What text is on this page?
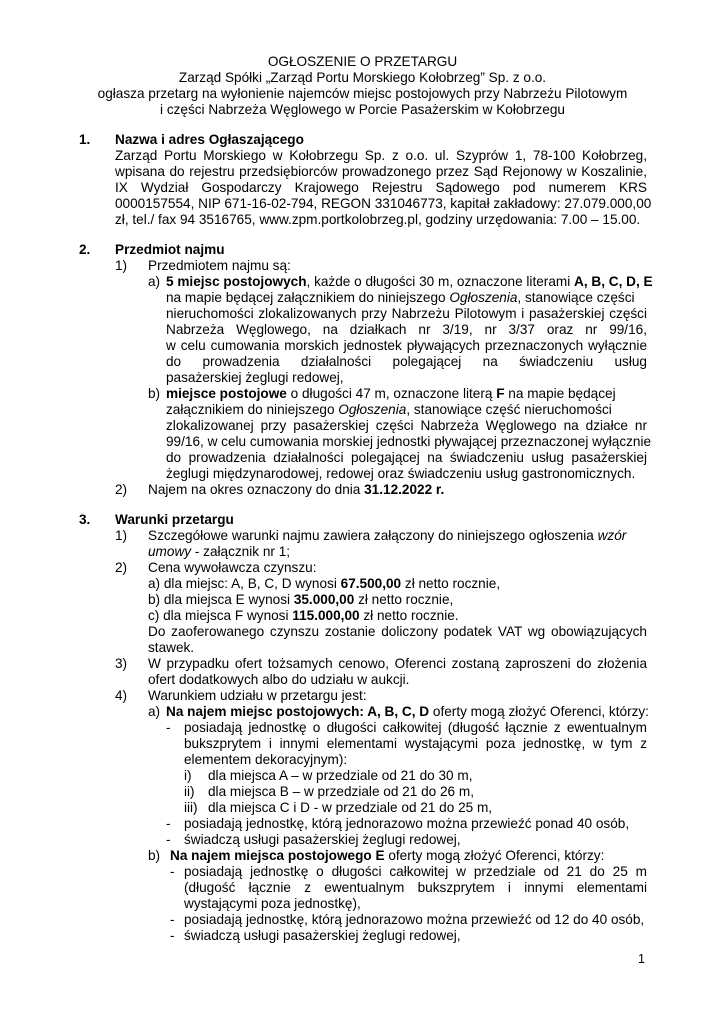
OGŁOSZENIE O PRZETARGU
Zarząd Spółki „Zarząd Portu Morskiego Kołobrzeg” Sp. z o.o.
ogłasza przetarg na wyłonienie najemców miejsc postojowych przy Nabrzeżu Pilotowym
i części Nabrzeża Węglowego w Porcie Pasażerskim w Kołobrzegu
1. Nazwa i adres Ogłaszającego
Zarząd Portu Morskiego w Kołobrzegu Sp. z o.o. ul. Szyprów 1, 78-100 Kołobrzeg,
wpisana do rejestru przedsiębiorców prowadzonego przez Sąd Rejonowy w Koszalinie,
IX Wydział Gospodarczy Krajowego Rejestru Sądowego pod numerem KRS
0000157554, NIP 671-16-02-794, REGON 331046773, kapitał zakładowy: 27.079.000,00
zł, tel./ fax 94 3516765, www.zpm.portkolobrzeg.pl, godziny urzędowania: 7.00 – 15.00.
2. Przedmiot najmu
1) Przedmiotem najmu są:
a) 5 miejsc postojowych, każde o długości 30 m, oznaczone literami A, B, C, D, E
na mapie będącej załącznikiem do niniejszego Ogłoszenia, stanowiące części
nieruchomości zlokalizowanych przy Nabrzeżu Pilotowym i pasażerskiej części
Nabrzeża Węglowego, na działkach nr 3/19, nr 3/37 oraz nr 99/16,
w celu cumowania morskich jednostek pływających przeznaczonych wyłącznie
do prowadzenia działalności polegającej na świadczeniu usług
pasażerskiej żeglugi redowej,
b) miejsce postojowe o długości 47 m, oznaczone literą F na mapie będącej
załącznikiem do niniejszego Ogłoszenia, stanowiące część nieruchomości
zlokalizowanej przy pasażerskiej części Nabrzeża Węglowego na działce nr
99/16, w celu cumowania morskiej jednostki pływającej przeznaczonej wyłącznie
do prowadzenia działalności polegającej na świadczeniu usług pasażerskiej
żeglugi międzynarodowej, redowej oraz świadczeniu usług gastronomicznych.
2) Najem na okres oznaczony do dnia 31.12.2022 r.
3. Warunki przetargu
1) Szczegółowe warunki najmu zawiera załączony do niniejszego ogłoszenia wzór
umowy - załącznik nr 1;
2) Cena wywoławcza czynszu:
a) dla miejsc: A, B, C, D wynosi 67.500,00 zł netto rocznie,
b) dla miejsca E wynosi 35.000,00 zł netto rocznie,
c) dla miejsca F wynosi 115.000,00 zł netto rocznie.
Do zaoferowanego czynszu zostanie doliczony podatek VAT wg obowiązujących
stawek.
3) W przypadku ofert tożsamych cenowo, Oferenci zostaną zaproszeni do złożenia
ofert dodatkowych albo do udziału w aukcji.
4) Warunkiem udziału w przetargu jest:
a) Na najem miejsc postojowych: A, B, C, D oferty mogą złożyć Oferenci, którzy:
- posiadają jednostkę o długości całkowitej (długość łącznie z ewentualnym
bukszprytem i innymi elementami wystającymi poza jednostkę, w tym z
elementem dekoracyjnym):
i) dla miejsca A – w przedziale od 21 do 30 m,
ii) dla miejsca B – w przedziale od 21 do 26 m,
iii) dla miejsca C i D - w przedziale od 21 do 25 m,
- posiadają jednostkę, którą jednorazowo można przewieźć ponad 40 osób,
- świadczą usługi pasażerskiej żeglugi redowej,
b) Na najem miejsca postojowego E oferty mogą złożyć Oferenci, którzy:
- posiadają jednostkę o długości całkowitej w przedziale od 21 do 25 m
(długość łącznie z ewentualnym bukszprytem i innymi elementami
wystającymi poza jednostkę),
- posiadają jednostkę, którą jednorazowo można przewieźć od 12 do 40 osób,
- świadczą usługi pasażerskiej żeglugi redowej,
1
